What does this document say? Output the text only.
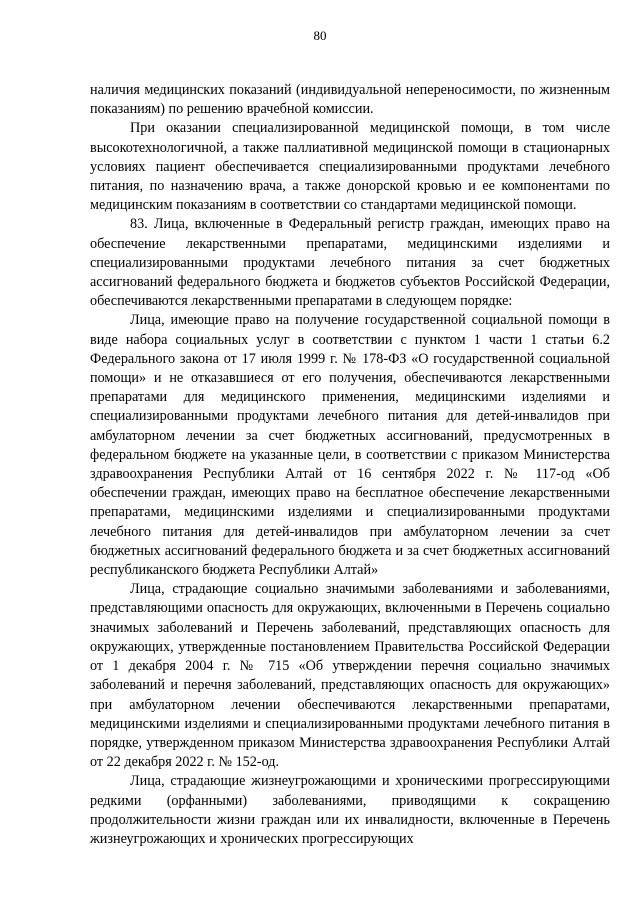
80

наличия медицинских показаний (индивидуальной непереносимости, по жизненным показаниям) по решению врачебной комиссии.

При оказании специализированной медицинской помощи, в том числе высокотехнологичной, а также паллиативной медицинской помощи в стационарных условиях пациент обеспечивается специализированными продуктами лечебного питания, по назначению врача, а также донорской кровью и ее компонентами по медицинским показаниям в соответствии со стандартами медицинской помощи.

83. Лица, включенные в Федеральный регистр граждан, имеющих право на обеспечение лекарственными препаратами, медицинскими изделиями и специализированными продуктами лечебного питания за счет бюджетных ассигнований федерального бюджета и бюджетов субъектов Российской Федерации, обеспечиваются лекарственными препаратами в следующем порядке:

Лица, имеющие право на получение государственной социальной помощи в виде набора социальных услуг в соответствии с пунктом 1 части 1 статьи 6.2 Федерального закона от 17 июля 1999 г. № 178-ФЗ «О государственной социальной помощи» и не отказавшиеся от его получения, обеспечиваются лекарственными препаратами для медицинского применения, медицинскими изделиями и специализированными продуктами лечебного питания для детей-инвалидов при амбулаторном лечении за счет бюджетных ассигнований, предусмотренных в федеральном бюджете на указанные цели, в соответствии с приказом Министерства здравоохранения Республики Алтай от 16 сентября 2022 г. № 117-од «Об обеспечении граждан, имеющих право на бесплатное обеспечение лекарственными препаратами, медицинскими изделиями и специализированными продуктами лечебного питания для детей-инвалидов при амбулаторном лечении за счет бюджетных ассигнований федерального бюджета и за счет бюджетных ассигнований республиканского бюджета Республики Алтай»

Лица, страдающие социально значимыми заболеваниями и заболеваниями, представляющими опасность для окружающих, включенными в Перечень социально значимых заболеваний и Перечень заболеваний, представляющих опасность для окружающих, утвержденные постановлением Правительства Российской Федерации от 1 декабря 2004 г. № 715 «Об утверждении перечня социально значимых заболеваний и перечня заболеваний, представляющих опасность для окружающих» при амбулаторном лечении обеспечиваются лекарственными препаратами, медицинскими изделиями и специализированными продуктами лечебного питания в порядке, утвержденном приказом Министерства здравоохранения Республики Алтай от 22 декабря 2022 г. № 152-од.

Лица, страдающие жизнеугрожающими и хроническими прогрессирующими редкими (орфанными) заболеваниями, приводящими к сокращению продолжительности жизни граждан или их инвалидности, включенные в Перечень жизнеугрожающих и хронических прогрессирующих
